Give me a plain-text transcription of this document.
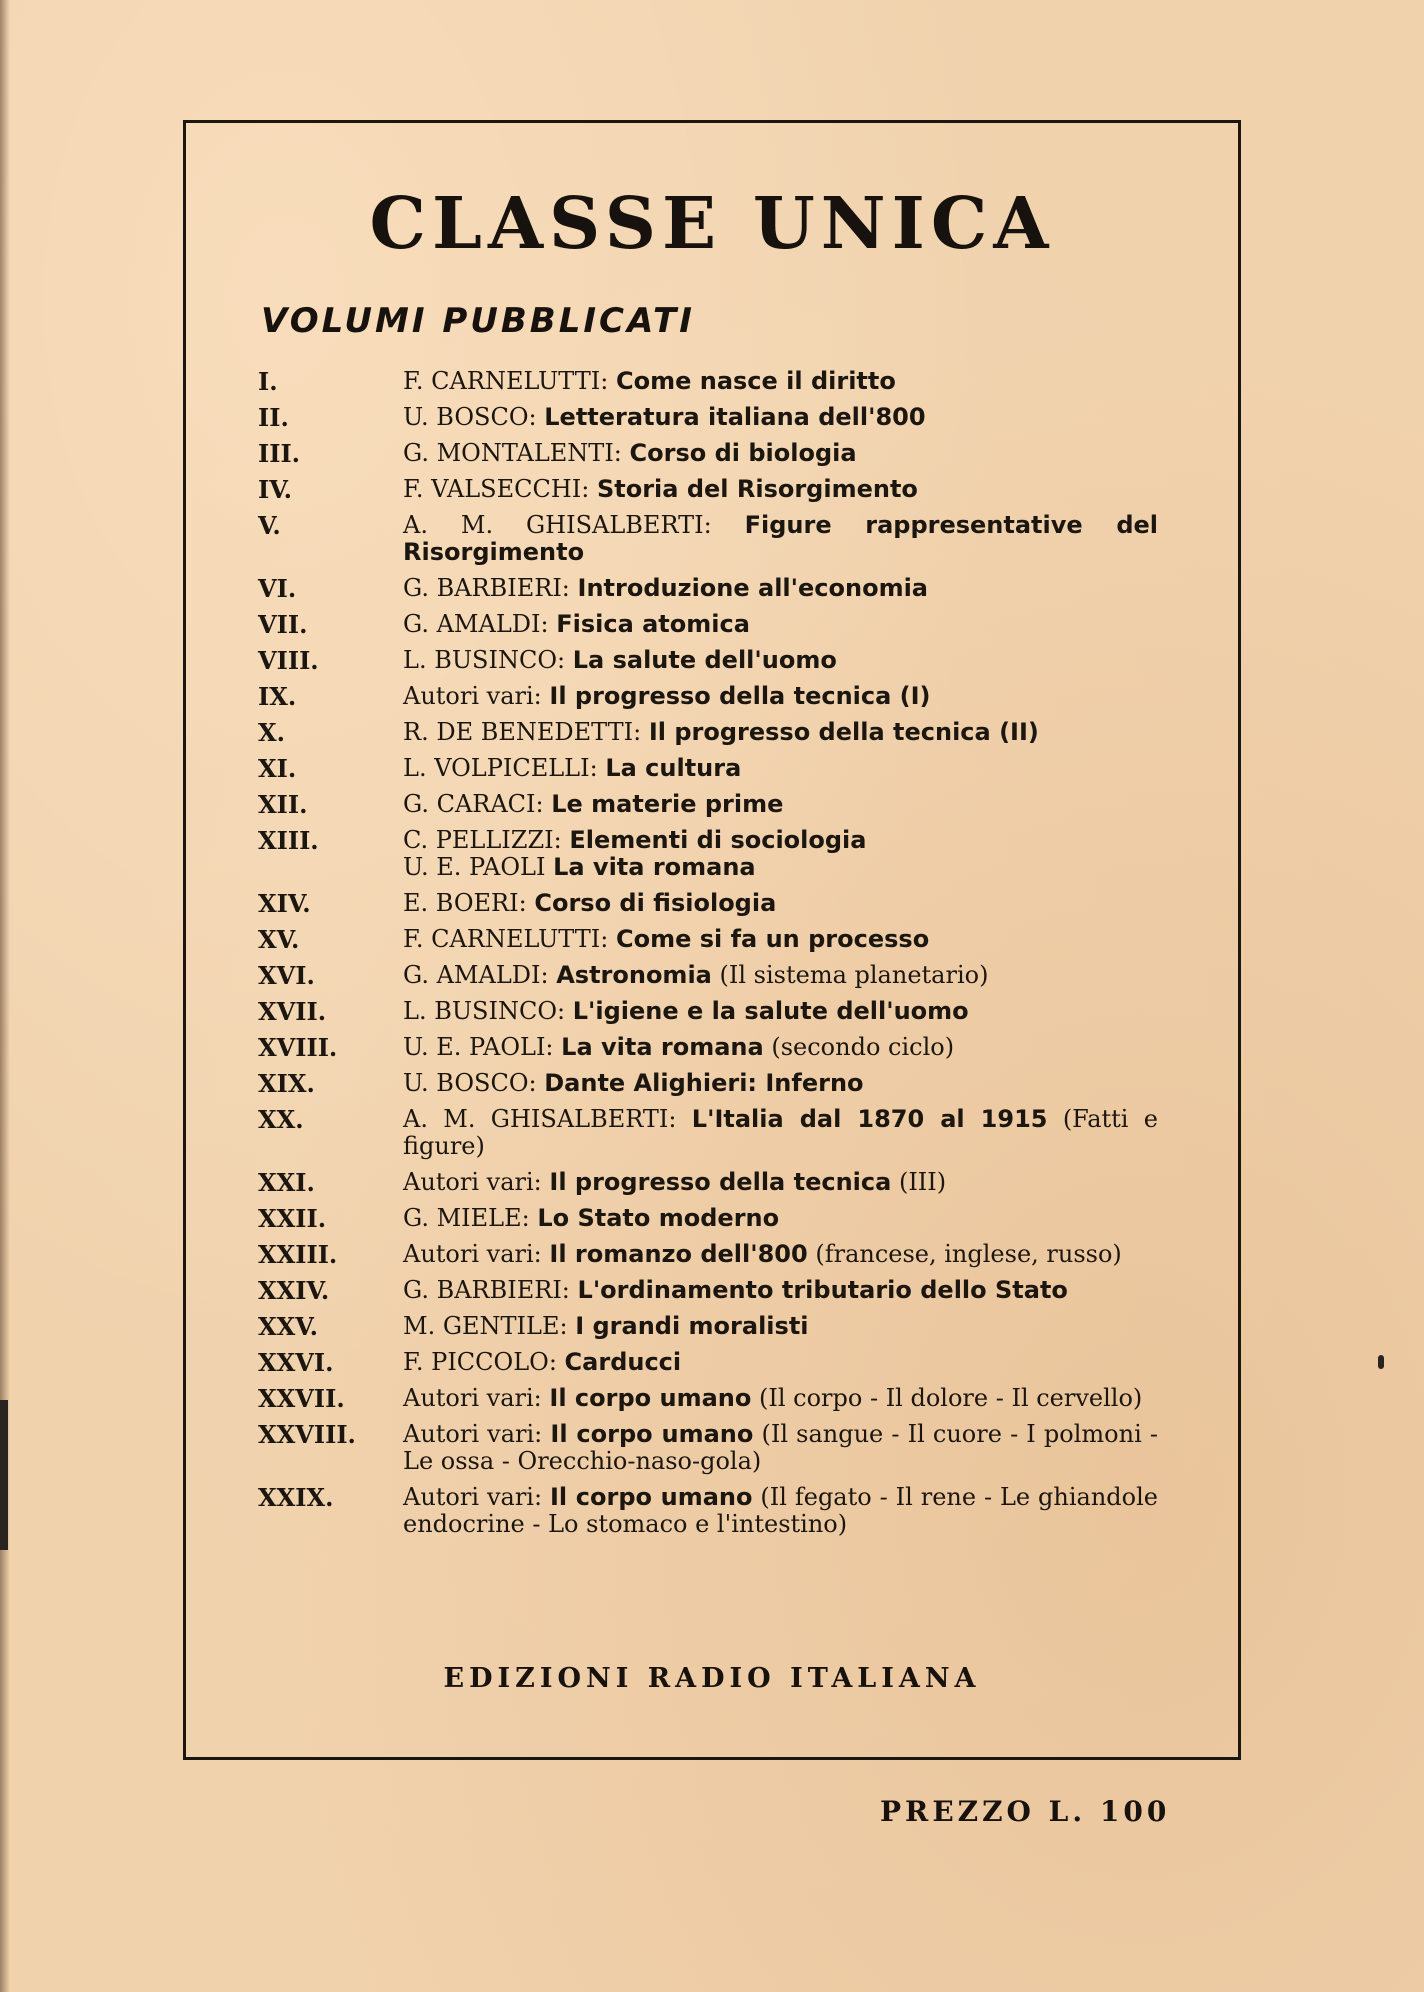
CLASSE UNICA
VOLUMI PUBBLICATI
I.	F. CARNELUTTI: Come nasce il diritto
II.	U. BOSCO: Letteratura italiana dell'800
III.	G. MONTALENTI: Corso di biologia
IV.	F. VALSECCHI: Storia del Risorgimento
V.	A. M. GHISALBERTI: Figure rappresentative del Risorgimento
VI.	G. BARBIERI: Introduzione all'economia
VII.	G. AMALDI: Fisica atomica
VIII.	L. BUSINCO: La salute dell'uomo
IX.	Autori vari: Il progresso della tecnica (I)
X.	R. DE BENEDETTI: Il progresso della tecnica (II)
XI.	L. VOLPICELLI: La cultura
XII.	G. CARACI: Le materie prime
XIII.	C. PELLIZZI: Elementi di sociologia
U. E. PAOLI La vita romana
XIV.	E. BOERI: Corso di fisiologia
XV.	F. CARNELUTTI: Come si fa un processo
XVI.	G. AMALDI: Astronomia (Il sistema planetario)
XVII.	L. BUSINCO: L'igiene e la salute dell'uomo
XVIII.	U. E. PAOLI: La vita romana (secondo ciclo)
XIX.	U. BOSCO: Dante Alighieri: Inferno
XX.	A. M. GHISALBERTI: L'Italia dal 1870 al 1915 (Fatti e figure)
XXI.	Autori vari: Il progresso della tecnica (III)
XXII.	G. MIELE: Lo Stato moderno
XXIII.	Autori vari: Il romanzo dell'800 (francese, inglese, russo)
XXIV.	G. BARBIERI: L'ordinamento tributario dello Stato
XXV.	M. GENTILE: I grandi moralisti
XXVI.	F. PICCOLO: Carducci
XXVII.	Autori vari: Il corpo umano (Il corpo - Il dolore - Il cervello)
XXVIII.	Autori vari: Il corpo umano (Il sangue - Il cuore - I polmoni - Le ossa - Orecchio-naso-gola)
XXIX.	Autori vari: Il corpo umano (Il fegato - Il rene - Le ghiandole endocrine - Lo stomaco e l'intestino)
EDIZIONI RADIO ITALIANA
PREZZO L. 100
